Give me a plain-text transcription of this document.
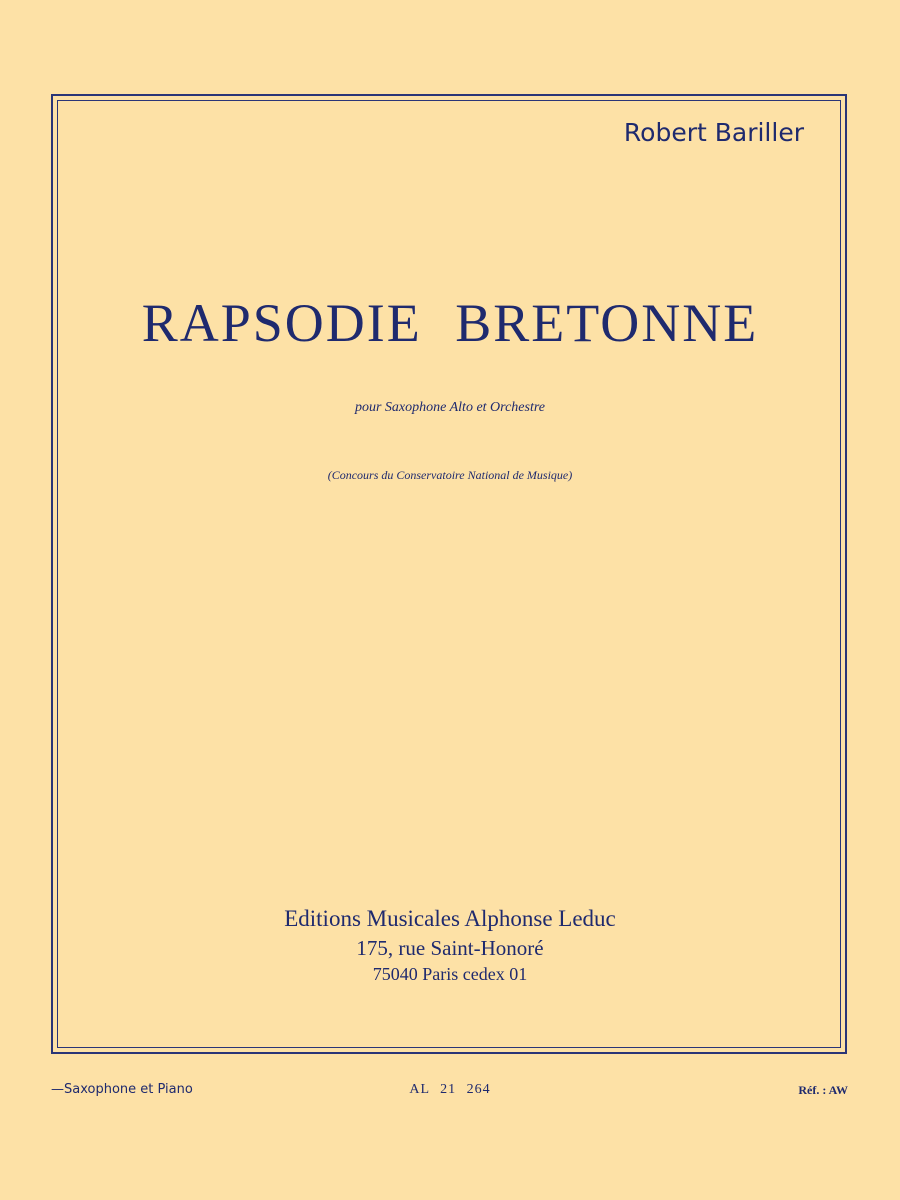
Robert Bariller
RAPSODIE BRETONNE
pour Saxophone Alto et Orchestre
(Concours du Conservatoire National de Musique)
Editions Musicales Alphonse Leduc
175, rue Saint-Honoré
75040 Paris cedex 01
—Saxophone et Piano	AL 21 264	Réf. : AW
